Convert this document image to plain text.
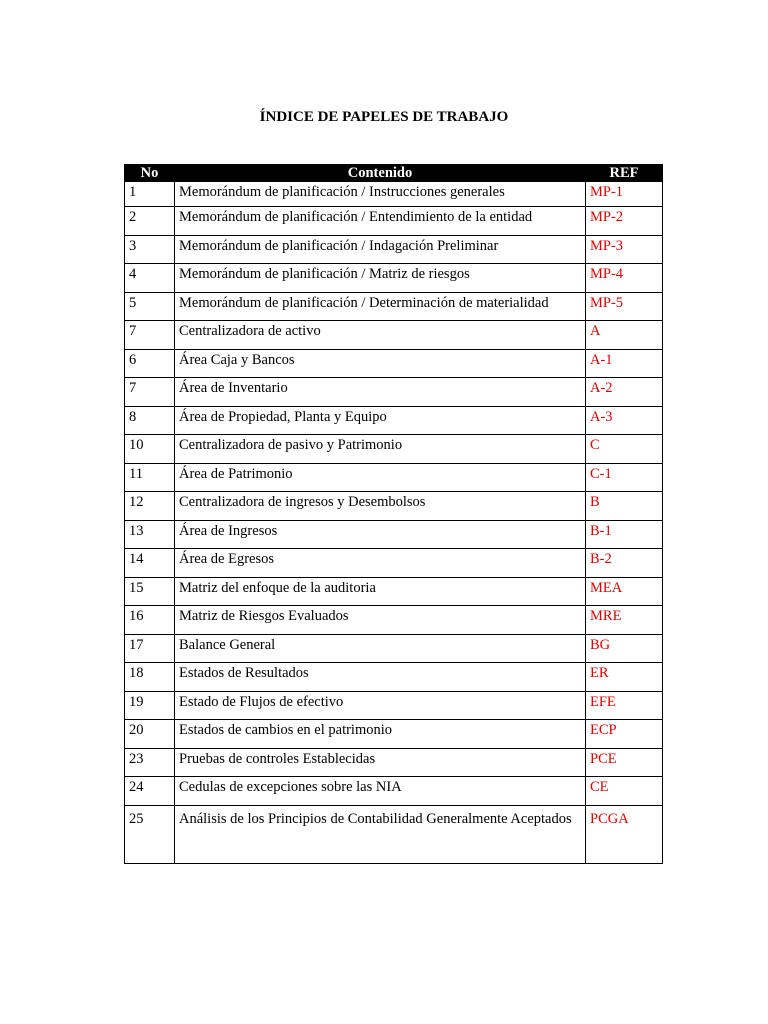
ÍNDICE DE PAPELES DE TRABAJO
No	Contenido	REF
1	Memorándum de planificación / Instrucciones generales	MP-1
2	Memorándum de planificación / Entendimiento de la entidad	MP-2
3	Memorándum de planificación / Indagación Preliminar	MP-3
4	Memorándum de planificación / Matriz de riesgos	MP-4
5	Memorándum de planificación / Determinación de materialidad	MP-5
7	Centralizadora de activo	A
6	Área Caja y Bancos	A-1
7	Área de Inventario	A-2
8	Área de Propiedad, Planta y Equipo	A-3
10	Centralizadora de pasivo y Patrimonio	C
11	Área de Patrimonio	C-1
12	Centralizadora de ingresos y Desembolsos	B
13	Área de Ingresos	B-1
14	Área de Egresos	B-2
15	Matriz del enfoque de la auditoria	MEA
16	Matriz de Riesgos Evaluados	MRE
17	Balance General	BG
18	Estados de Resultados	ER
19	Estado de Flujos de efectivo	EFE
20	Estados de cambios en el patrimonio	ECP
23	Pruebas de controles Establecidas	PCE
24	Cedulas de excepciones sobre las NIA	CE
25	Análisis de los Principios de Contabilidad Generalmente Aceptados	PCGA
